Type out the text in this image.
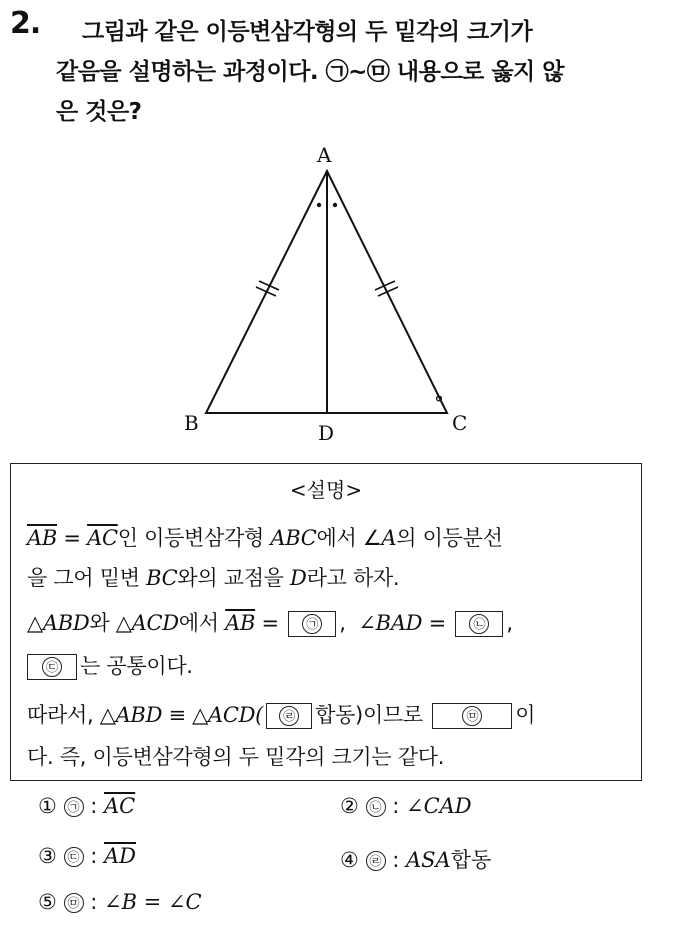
2. 그림과 같은 이등변삼각형의 두 밑각의 크기가
같음을 설명하는 과정이다. ㉠~㉤ 내용으로 옳지 않
은 것은?
°
A
B	C
D
<설명>
$\overline{AB} = \overline{AC}$인 이등변삼각형 ABC에서 ∠A의 이등분선
을 그어 밑변 BC와의 교점을 D라고 하자.
△ABD와 △ACD에서 $\overline{AB}$ = ㉠ , ∠BAD = ㉡ ,
㉢ 는 공통이다.
따라서, △ABD ≡ △ACD( ㉣ 합동)이므로	㉤ 이
다. 즉, 이등변삼각형의 두 밑각의 크기는 같다.
① ㉠ : $\overline{AC}$	② ㉡ : ∠CAD
③ ㉢ : $\overline{AD}$	④ ㉣ : ASA합동
⑤ ㉤ : ∠B = ∠C
